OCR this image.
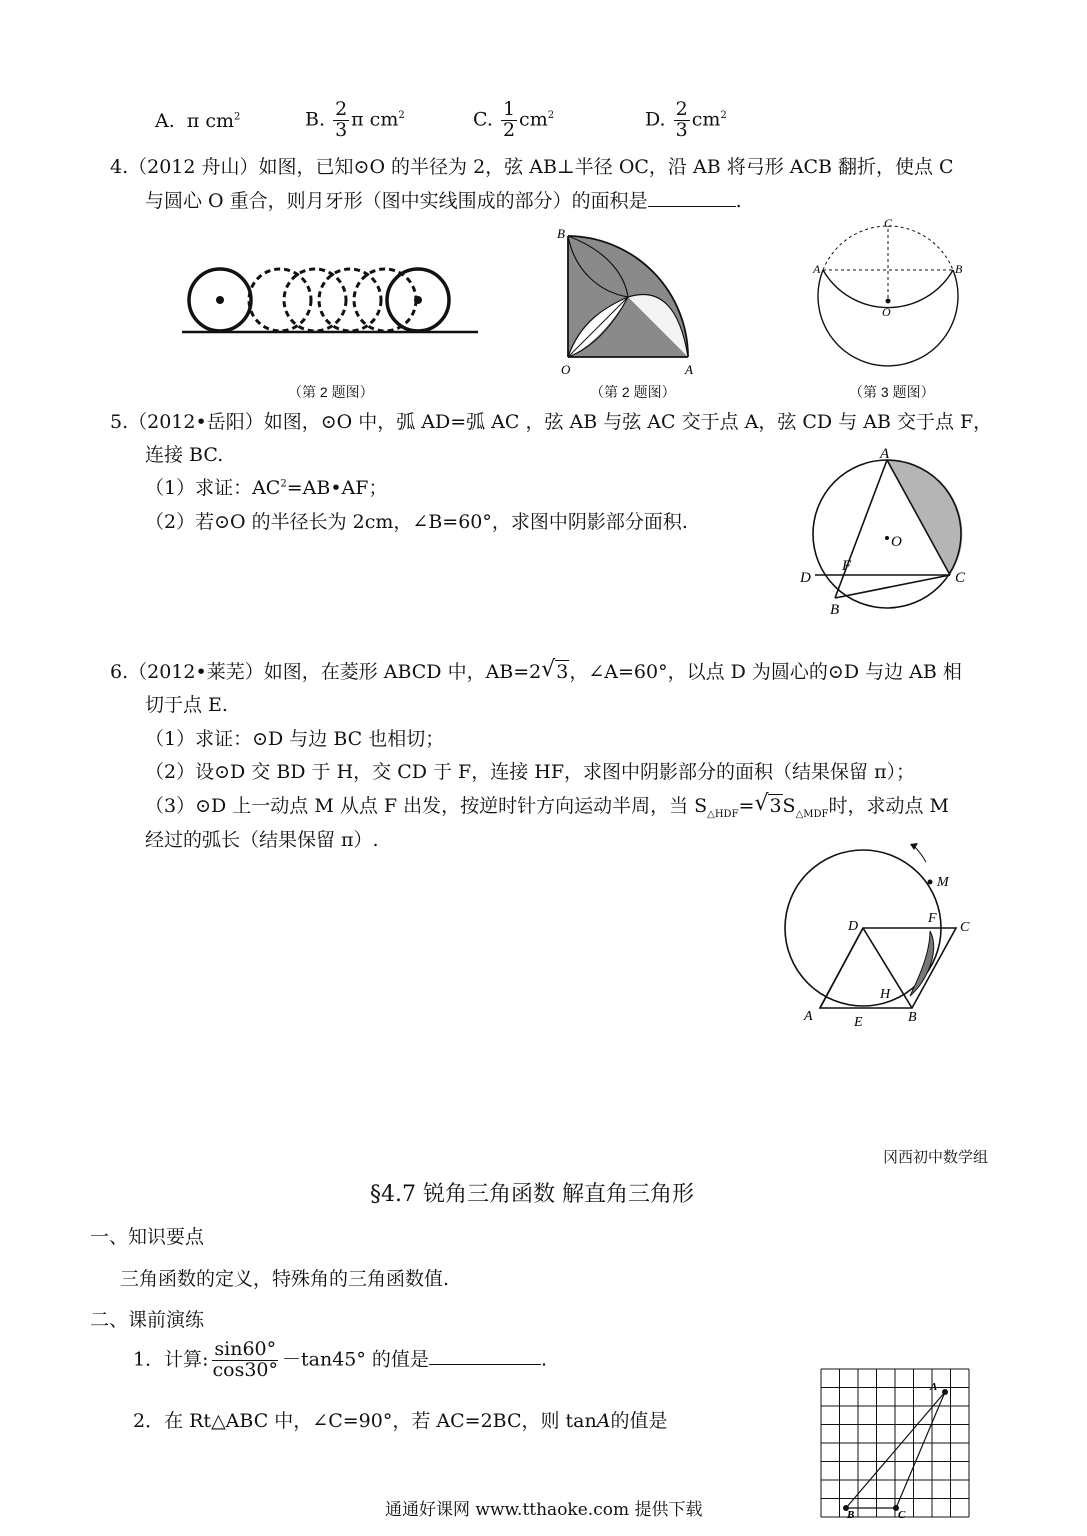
A. π $cm^2$	B. $\frac{2}{3}$ π $cm^2$	C. $\frac{1}{2} cm^2$	D. $\frac{2}{3} cm^2$
4.（2012 舟山）如图，已知⊙O 的半径为 2，弦 AB⊥半径 OC，沿 AB 将弓形 ACB 翻折，使点 C
与圆心 O 重合，则月牙形（图中实线围成的部分）的面积是	.
（第 2 题图）
B
O	A
（第 2 题图）
C
A	B
O
（第 3 题图）
5.（2012•岳阳）如图，⊙O 中，弧 AD=弧 AC ，弦 AB 与弦 AC 交于点 A，弦 CD 与 AB 交于点 F，
连接 BC.
（1）求证：$AC^2=AB•AF$；
（2）若⊙O 的半径长为 2cm，∠B=60°，求图中阴影部分面积.
A
O
D
F
C
B
6.（2012•莱芜）如图，在菱形 ABCD 中，AB=2 √ 3，∠A=60°，以点 D 为圆心的⊙D 与边 AB 相
切于点 E.
（1）求证：⊙D 与边 BC 也相切；
（2）设⊙D 交 BD 于 H，交 CD 于 F，连接 HF，求图中阴影部分的面积（结果保留 π）；
（3）⊙D 上一动点 M 从点 F 出发，按逆时针方向运动半周，当 $S_{\triangle HDF}=$ √ $3S_{\triangle MDF}$时，求动点 M
经过的弧长（结果保留 π）.
M
D
F
C
H
A	E	B
冈西初中数学组
§4.7 锐角三角函数 解直角三角形
一、知识要点
三角函数的定义，特殊角的三角函数值.
二、课前演练
1．计算: $\frac{\sin 60^\circ}{\cos 30^\circ} -\tan 45^\circ$ 的值是	.
2．在 Rt△ABC 中，∠C=90°，若 AC=2BC，则 tanA的值是
A
B	C
通通好课网 www.tthaoke.com 提供下载
